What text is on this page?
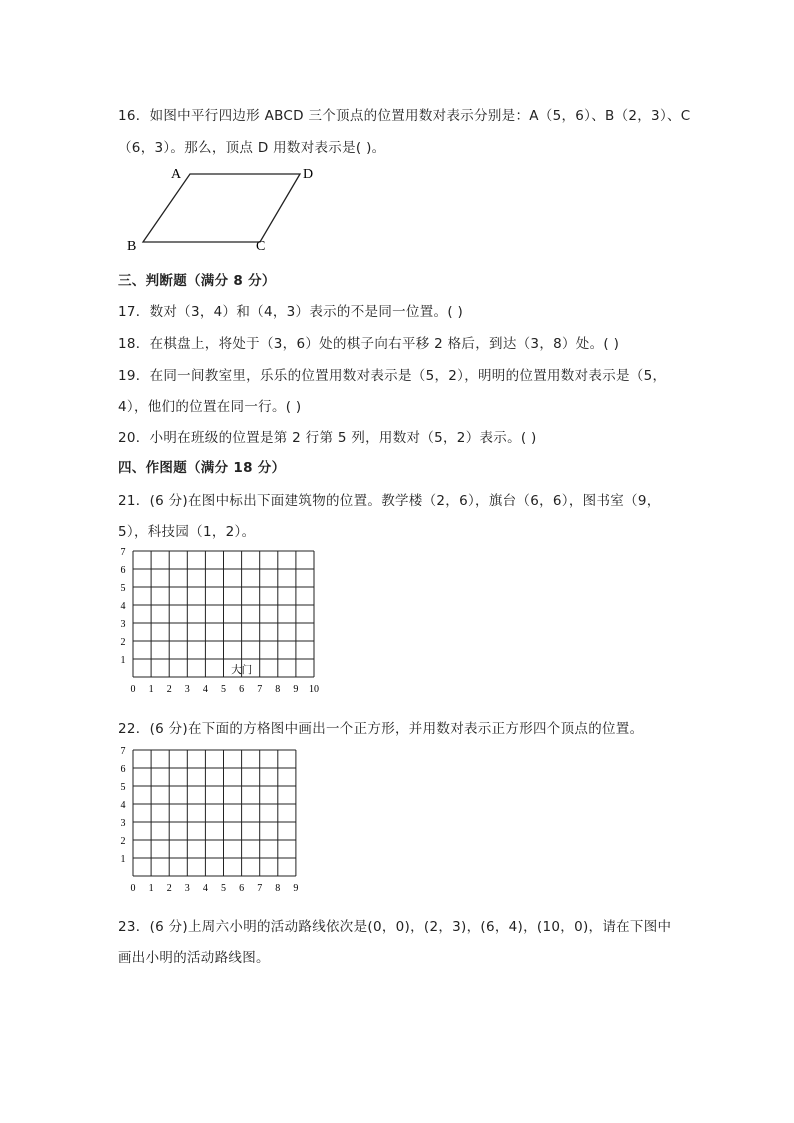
16．如图中平行四边形 ABCD 三个顶点的位置用数对表示分别是：A（5，6）、B（2，3）、C
（6，3）。那么，顶点 D 用数对表示是( )。
A	D
B	C
三、判断题（满分 8 分）
17．数对（3，4）和（4，3）表示的不是同一位置。( )
18．在棋盘上，将处于（3，6）处的棋子向右平移 2 格后，到达（3，8）处。( )
19．在同一间教室里，乐乐的位置用数对表示是（5，2），明明的位置用数对表示是（5，
4），他们的位置在同一行。( )
20．小明在班级的位置是第 2 行第 5 列，用数对（5，2）表示。( )
四、作图题（满分 18 分）
21．(6 分)在图中标出下面建筑物的位置。教学楼（2，6），旗台（6，6），图书室（9，
5），科技园（1，2）。
0 1 2 3 4 5 6 7 8 9 10
1
2
3
4
5
6
7
大门
22．(6 分)在下面的方格图中画出一个正方形，并用数对表示正方形四个顶点的位置。
0 1 2 3 4 5 6 7 8 9
1
2
3
4
5
6
7
23．(6 分)上周六小明的活动路线依次是(0，0)，(2，3)，(6，4)，(10，0)，请在下图中
画出小明的活动路线图。
